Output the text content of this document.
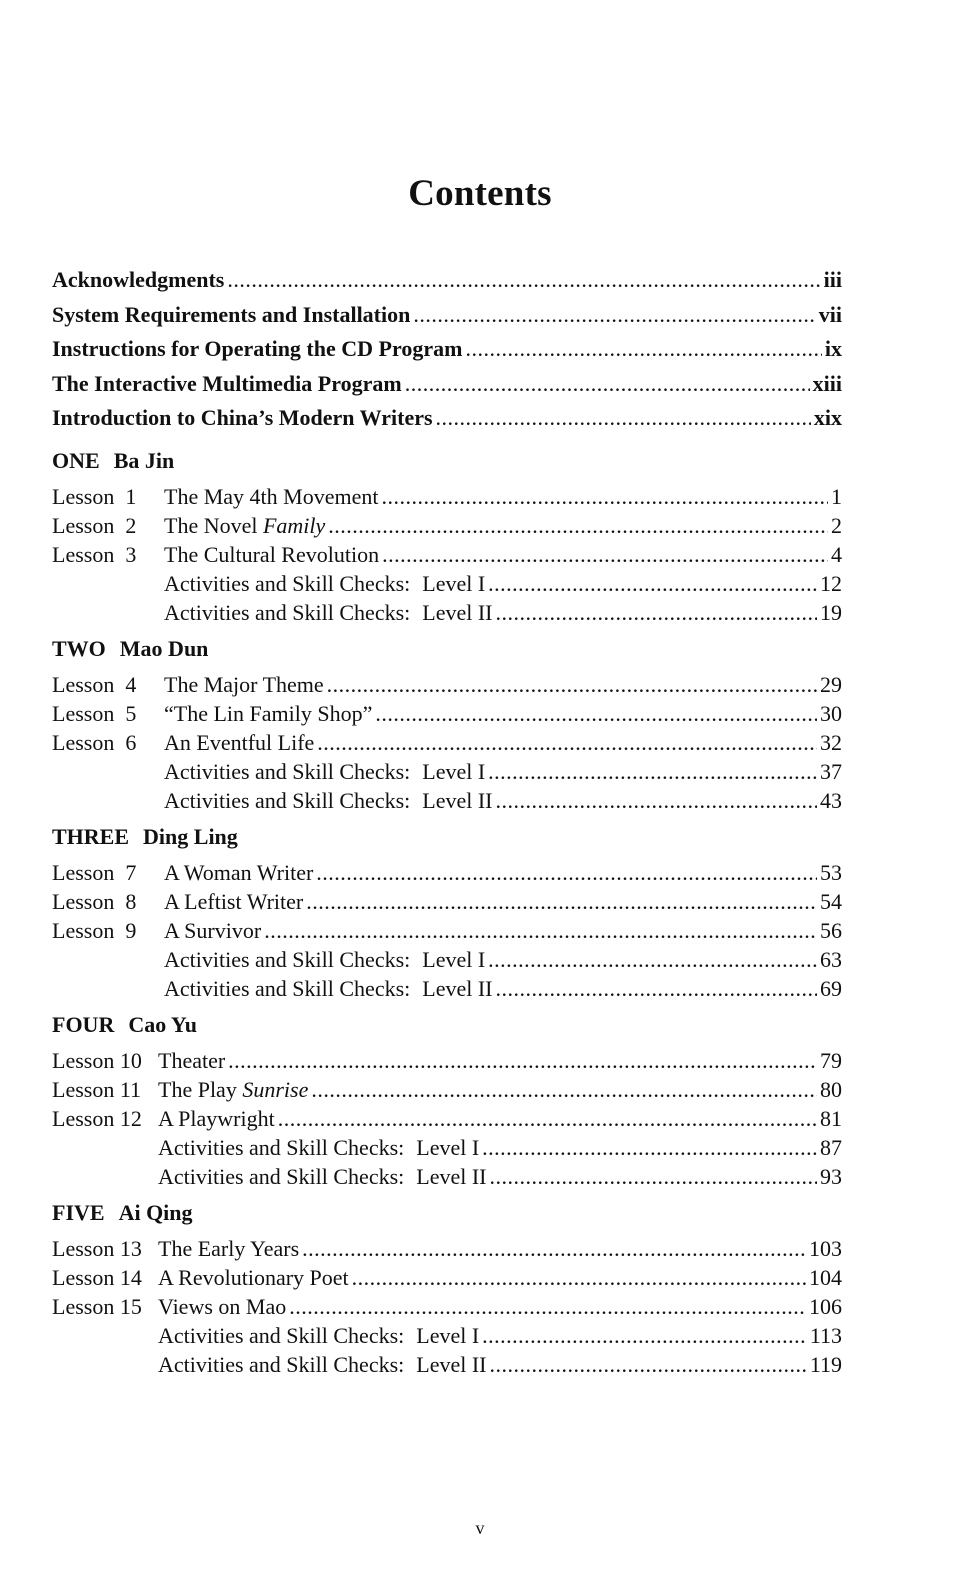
Contents
Acknowledgments .....	iii
System Requirements and Installation .....	vii
Instructions for Operating the CD Program .....	ix
The Interactive Multimedia Program .....	xiii
Introduction to China’s Modern Writers .....	xix
ONE Ba Jin
Lesson  1	The May 4th Movement .....	1
Lesson  2	The Novel Family .....	2
Lesson  3	The Cultural Revolution .....	4
Activities and Skill Checks: Level I .....	12
Activities and Skill Checks: Level II .....	19
TWO Mao Dun
Lesson  4	The Major Theme .....	29
Lesson  5	“The Lin Family Shop” .....	30
Lesson  6	An Eventful Life .....	32
Activities and Skill Checks: Level I .....	37
Activities and Skill Checks: Level II .....	43
THREE Ding Ling
Lesson  7	A Woman Writer .....	53
Lesson  8	A Leftist Writer .....	54
Lesson  9	A Survivor .....	56
Activities and Skill Checks: Level I .....	63
Activities and Skill Checks: Level II .....	69
FOUR Cao Yu
Lesson 10 Theater .....	79
Lesson 11 The Play Sunrise .....	80
Lesson 12 A Playwright .....	81
Activities and Skill Checks: Level I .....	87
Activities and Skill Checks: Level II .....	93
FIVE Ai Qing
Lesson 13 The Early Years .....	103
Lesson 14 A Revolutionary Poet .....	104
Lesson 15 Views on Mao .....	106
Activities and Skill Checks: Level I .....	113
Activities and Skill Checks: Level II .....	119
v
